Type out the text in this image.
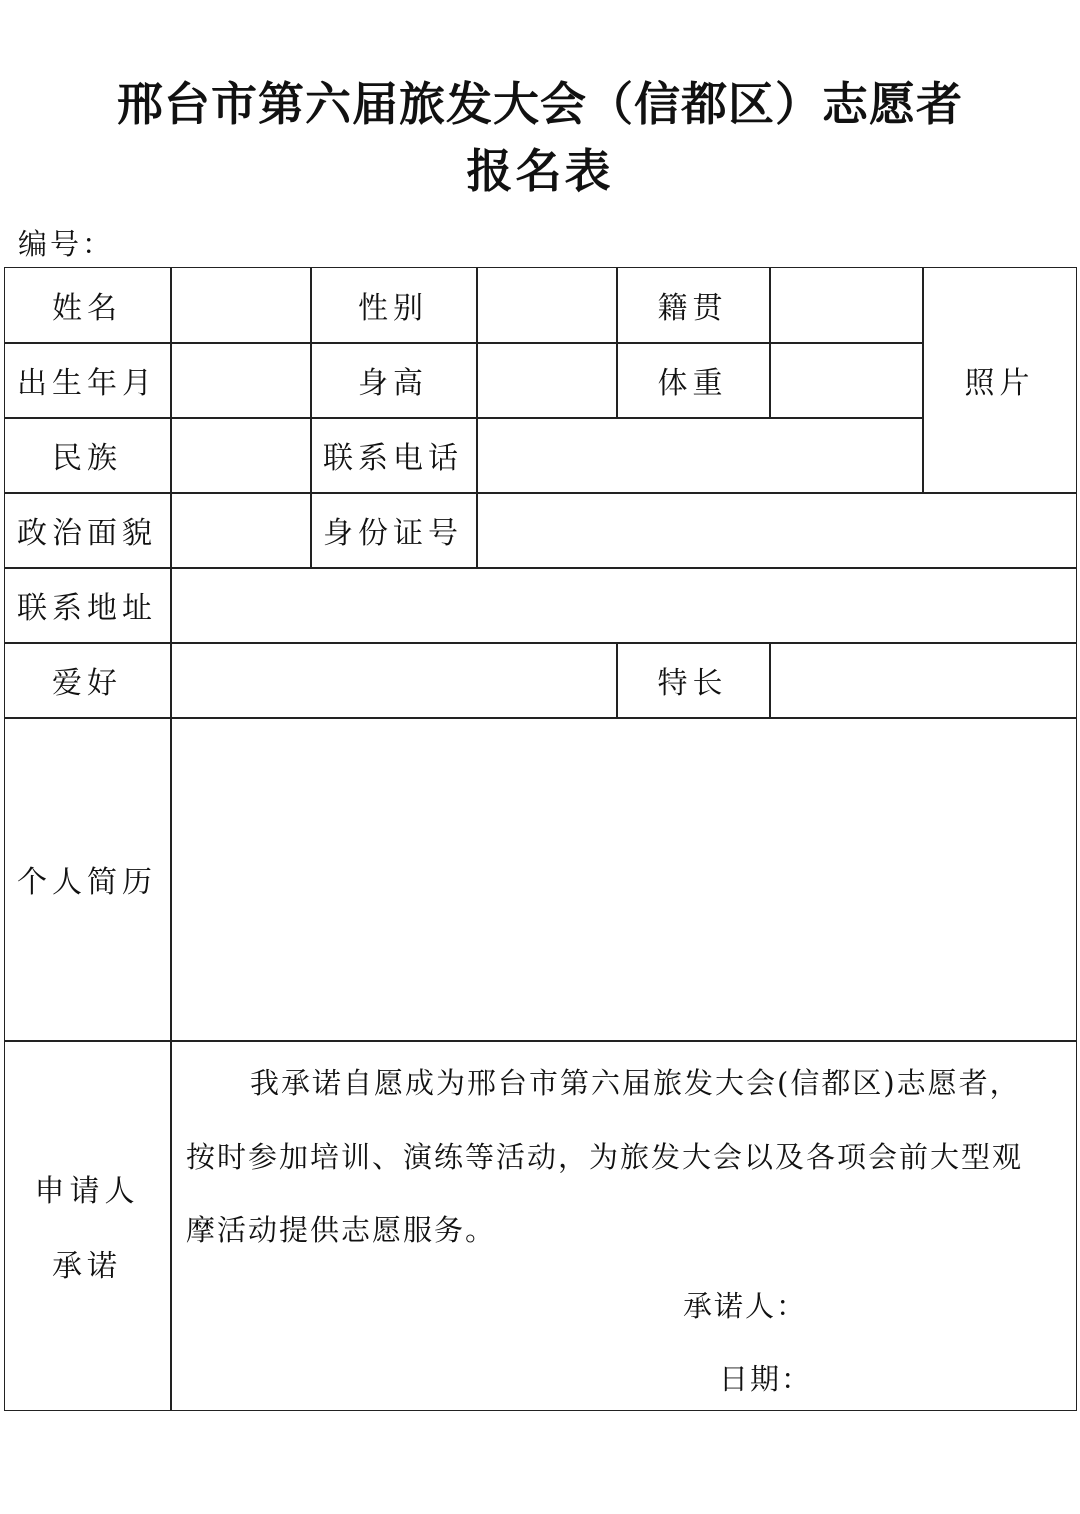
邢台市第六届旅发大会（信都区）志愿者
报名表
编号：
姓名	性别	籍贯
照片
出生年月	身高	体重
民族	联系电话
政治面貌	身份证号
联系地址
爱好	特长
个人简历
申请人
承诺
我承诺自愿成为邢台市第六届旅发大会(信都区)志愿者，
按时参加培训、演练等活动，为旅发大会以及各项会前大型观
摩活动提供志愿服务。
承诺人：
日期：
